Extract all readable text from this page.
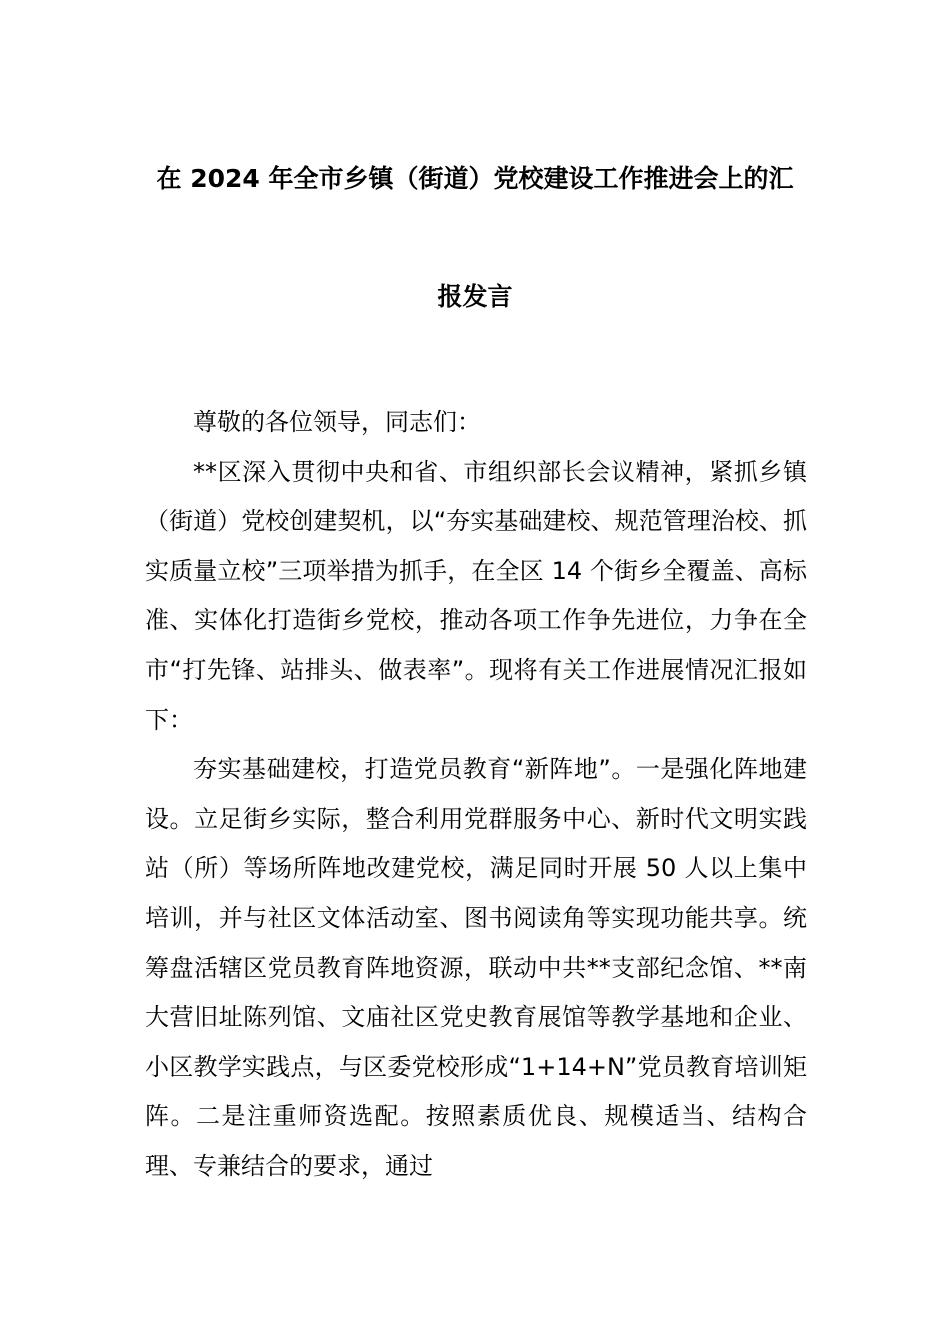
在 2024 年全市乡镇（街道）党校建设工作推进会上的汇
报发言

尊敬的各位领导，同志们：

**区深入贯彻中央和省、市组织部长会议精神，紧抓乡镇（街道）党校创建契机，以“夯实基础建校、规范管理治校、抓实质量立校”三项举措为抓手，在全区 14 个街乡全覆盖、高标准、实体化打造街乡党校，推动各项工作争先进位，力争在全市“打先锋、站排头、做表率”。现将有关工作进展情况汇报如下：

夯实基础建校，打造党员教育“新阵地”。一是强化阵地建设。立足街乡实际，整合利用党群服务中心、新时代文明实践站（所）等场所阵地改建党校，满足同时开展 50 人以上集中培训，并与社区文体活动室、图书阅读角等实现功能共享。统筹盘活辖区党员教育阵地资源，联动中共**支部纪念馆、**南大营旧址陈列馆、文庙社区党史教育展馆等教学基地和企业、小区教学实践点，与区委党校形成“1+14+N”党员教育培训矩阵。二是注重师资选配。按照素质优良、规模适当、结构合理、专兼结合的要求，通过
